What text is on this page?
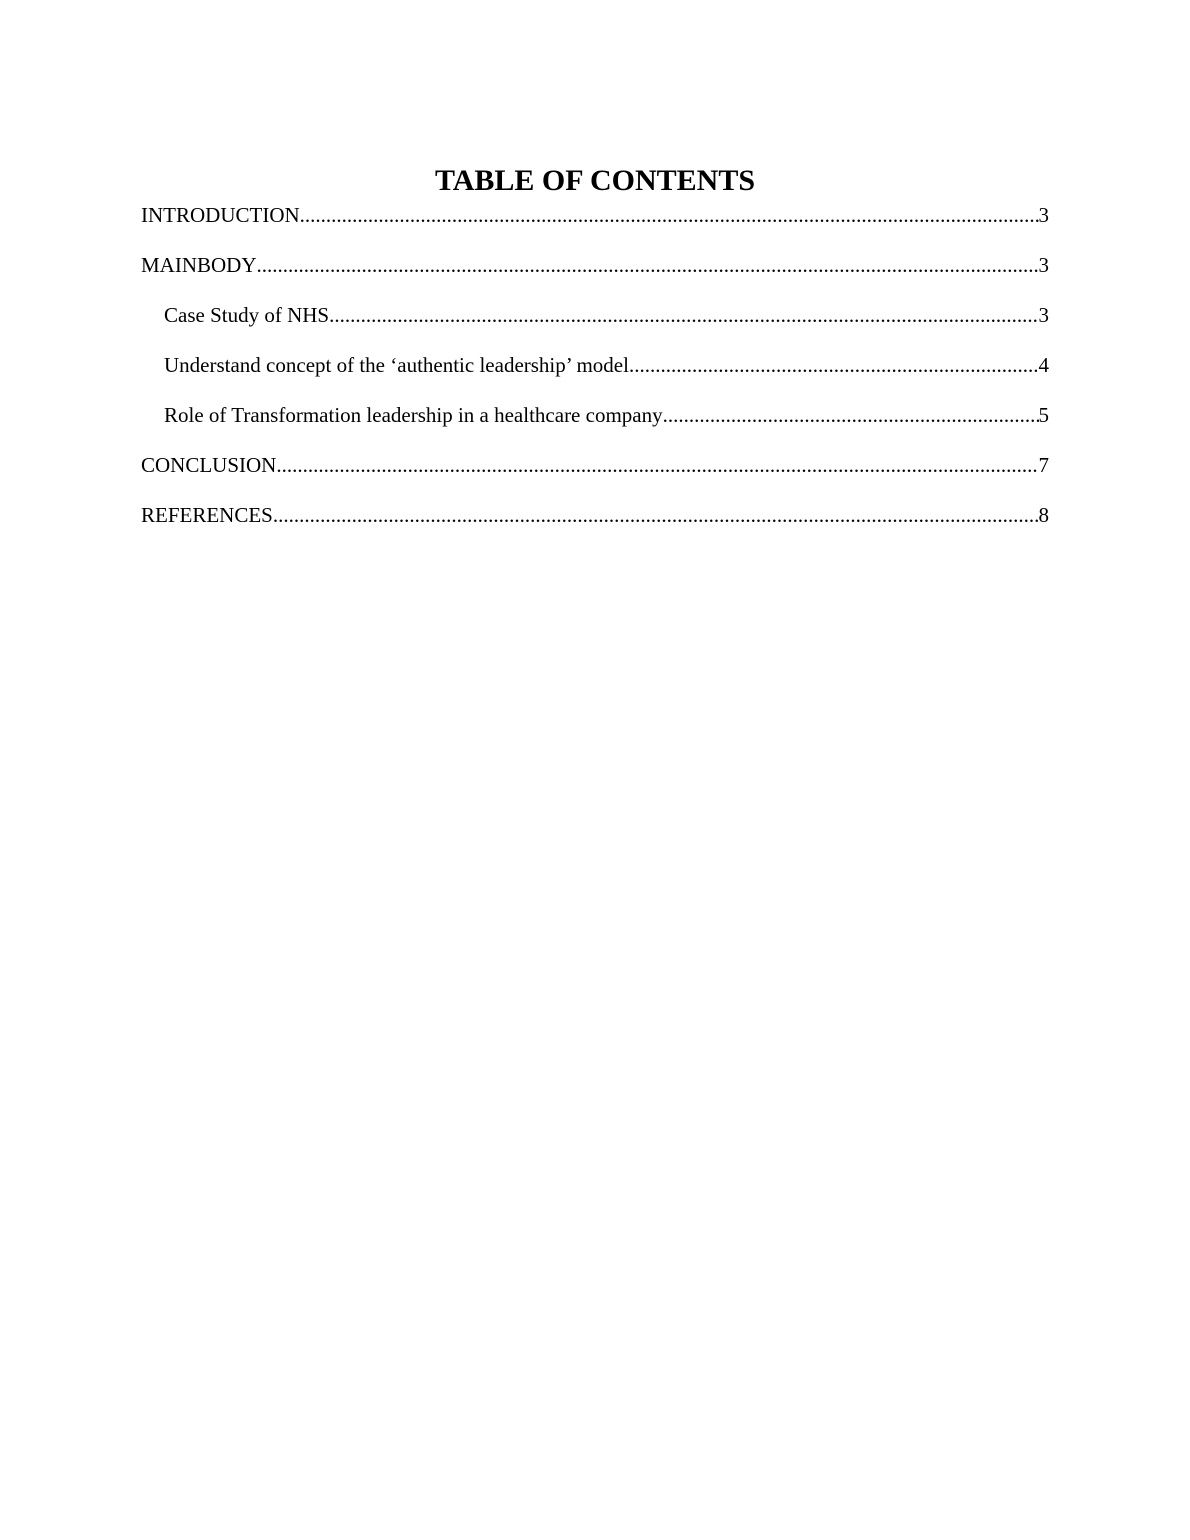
TABLE OF CONTENTS
INTRODUCTION .....	3
MAINBODY .....	3
Case Study of NHS .....	3
Understand concept of the ‘authentic leadership’ model .....	4
Role of Transformation leadership in a healthcare company .....	5
CONCLUSION .....	7
REFERENCES .....	8
